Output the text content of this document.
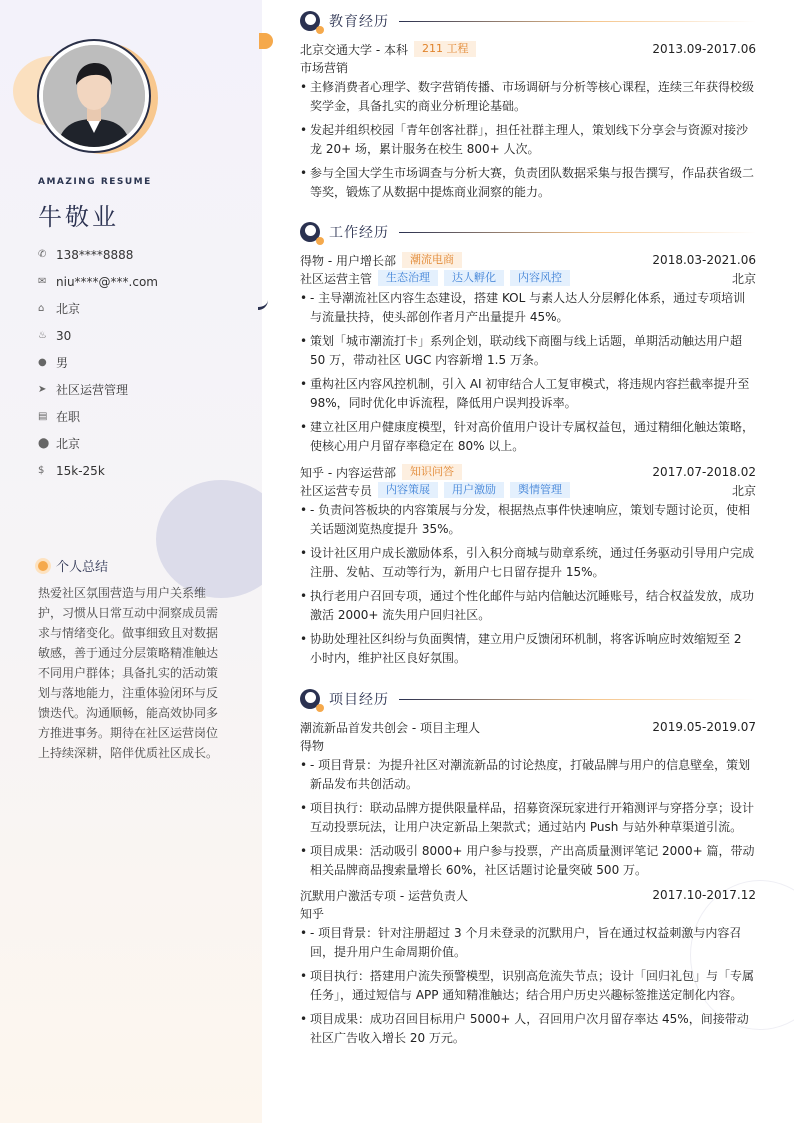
AMAZING RESUME
牛敬业
✆ 138****8888
✉ niu****@***.com
⌂ 北京
♨ 30
● 男
➤ 社区运营管理
▤ 在职
⬤ 北京
$ 15k-25k
个人总结
热爱社区氛围营造与用户关系维护，习惯从日常互动中洞察成员需求与情绪变化。做事细致且对数据敏感，善于通过分层策略精准触达不同用户群体；具备扎实的活动策划与落地能力，注重体验闭环与反馈迭代。沟通顺畅，能高效协同多方推进事务。期待在社区运营岗位上持续深耕，陪伴优质社区成长。
教育经历
北京交通大学 - 本科	211 工程	2013.09-2017.06
市场营销
• 主修消费者心理学、数字营销传播、市场调研与分析等核心课程，连续三年获得校级奖学金，具备扎实的商业分析理论基础。
• 发起并组织校园「青年创客社群」，担任社群主理人，策划线下分享会与资源对接沙龙 20+ 场，累计服务在校生 800+ 人次。
• 参与全国大学生市场调查与分析大赛，负责团队数据采集与报告撰写，作品获省级二等奖，锻炼了从数据中提炼商业洞察的能力。
工作经历
得物 - 用户增长部	潮流电商	2018.03-2021.06
社区运营主管	生态治理	达人孵化	内容风控	北京
• - 主导潮流社区内容生态建设，搭建 KOL 与素人达人分层孵化体系，通过专项培训与流量扶持，使头部创作者月产出量提升 45%。
• 策划「城市潮流打卡」系列企划，联动线下商圈与线上话题，单期活动触达用户超 50 万，带动社区 UGC 内容新增 1.5 万条。
• 重构社区内容风控机制，引入 AI 初审结合人工复审模式，将违规内容拦截率提升至 98%，同时优化申诉流程，降低用户误判投诉率。
• 建立社区用户健康度模型，针对高价值用户设计专属权益包，通过精细化触达策略，使核心用户月留存率稳定在 80% 以上。
知乎 - 内容运营部	知识问答	2017.07-2018.02
社区运营专员	内容策展	用户激励	舆情管理	北京
• - 负责问答板块的内容策展与分发，根据热点事件快速响应，策划专题讨论页，使相关话题浏览热度提升 35%。
• 设计社区用户成长激励体系，引入积分商城与勋章系统，通过任务驱动引导用户完成注册、发帖、互动等行为，新用户七日留存提升 15%。
• 执行老用户召回专项，通过个性化邮件与站内信触达沉睡账号，结合权益发放，成功激活 2000+ 流失用户回归社区。
• 协助处理社区纠纷与负面舆情，建立用户反馈闭环机制，将客诉响应时效缩短至 2 小时内，维护社区良好氛围。
项目经历
潮流新品首发共创会 - 项目主理人	2019.05-2019.07
得物
• - 项目背景：为提升社区对潮流新品的讨论热度，打破品牌与用户的信息壁垒，策划新品发布共创活动。
• 项目执行：联动品牌方提供限量样品，招募资深玩家进行开箱测评与穿搭分享；设计互动投票玩法，让用户决定新品上架款式；通过站内 Push 与站外种草渠道引流。
• 项目成果：活动吸引 8000+ 用户参与投票，产出高质量测评笔记 2000+ 篇，带动相关品牌商品搜索量增长 60%，社区话题讨论量突破 500 万。
沉默用户激活专项 - 运营负责人	2017.10-2017.12
知乎
• - 项目背景：针对注册超过 3 个月未登录的沉默用户，旨在通过权益刺激与内容召回，提升用户生命周期价值。
• 项目执行：搭建用户流失预警模型，识别高危流失节点；设计「回归礼包」与「专属任务」，通过短信与 APP 通知精准触达；结合用户历史兴趣标签推送定制化内容。
• 项目成果：成功召回目标用户 5000+ 人，召回用户次月留存率达 45%，间接带动社区广告收入增长 20 万元。
